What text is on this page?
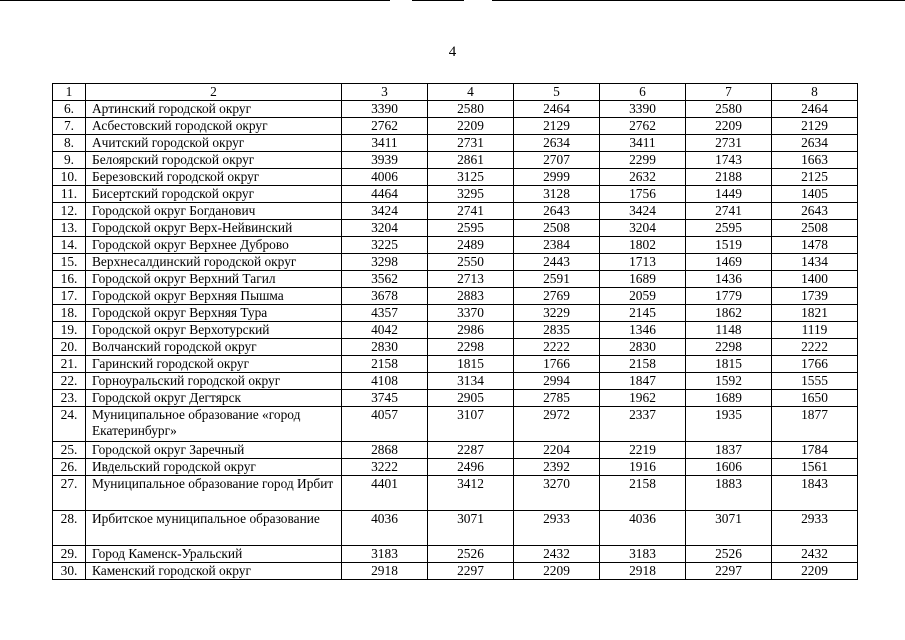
4
1	2	3	4	5	6	7	8
6.	Артинский городской округ	3390	2580	2464	3390	2580	2464
7.	Асбестовский городской округ	2762	2209	2129	2762	2209	2129
8.	Ачитский городской округ	3411	2731	2634	3411	2731	2634
9.	Белоярский городской округ	3939	2861	2707	2299	1743	1663
10.	Березовский городской округ	4006	3125	2999	2632	2188	2125
11.	Бисертский городской округ	4464	3295	3128	1756	1449	1405
12.	Городской округ Богданович	3424	2741	2643	3424	2741	2643
13.	Городской округ Верх-Нейвинский	3204	2595	2508	3204	2595	2508
14.	Городской округ Верхнее Дуброво	3225	2489	2384	1802	1519	1478
15.	Верхнесалдинский городской округ	3298	2550	2443	1713	1469	1434
16.	Городской округ Верхний Тагил	3562	2713	2591	1689	1436	1400
17.	Городской округ Верхняя Пышма	3678	2883	2769	2059	1779	1739
18.	Городской округ Верхняя Тура	4357	3370	3229	2145	1862	1821
19.	Городской округ Верхотурский	4042	2986	2835	1346	1148	1119
20.	Волчанский городской округ	2830	2298	2222	2830	2298	2222
21.	Гаринский городской округ	2158	1815	1766	2158	1815	1766
22.	Горноуральский городской округ	4108	3134	2994	1847	1592	1555
23.	Городской округ Дегтярск	3745	2905	2785	1962	1689	1650
24.	Муниципальное образование «город Екатеринбург»	4057	3107	2972	2337	1935	1877
25.	Городской округ Заречный	2868	2287	2204	2219	1837	1784
26.	Ивдельский городской округ	3222	2496	2392	1916	1606	1561
27.	Муниципальное образование город Ирбит	4401	3412	3270	2158	1883	1843
28.	Ирбитское муниципальное образование	4036	3071	2933	4036	3071	2933
29.	Город Каменск-Уральский	3183	2526	2432	3183	2526	2432
30.	Каменский городской округ	2918	2297	2209	2918	2297	2209
